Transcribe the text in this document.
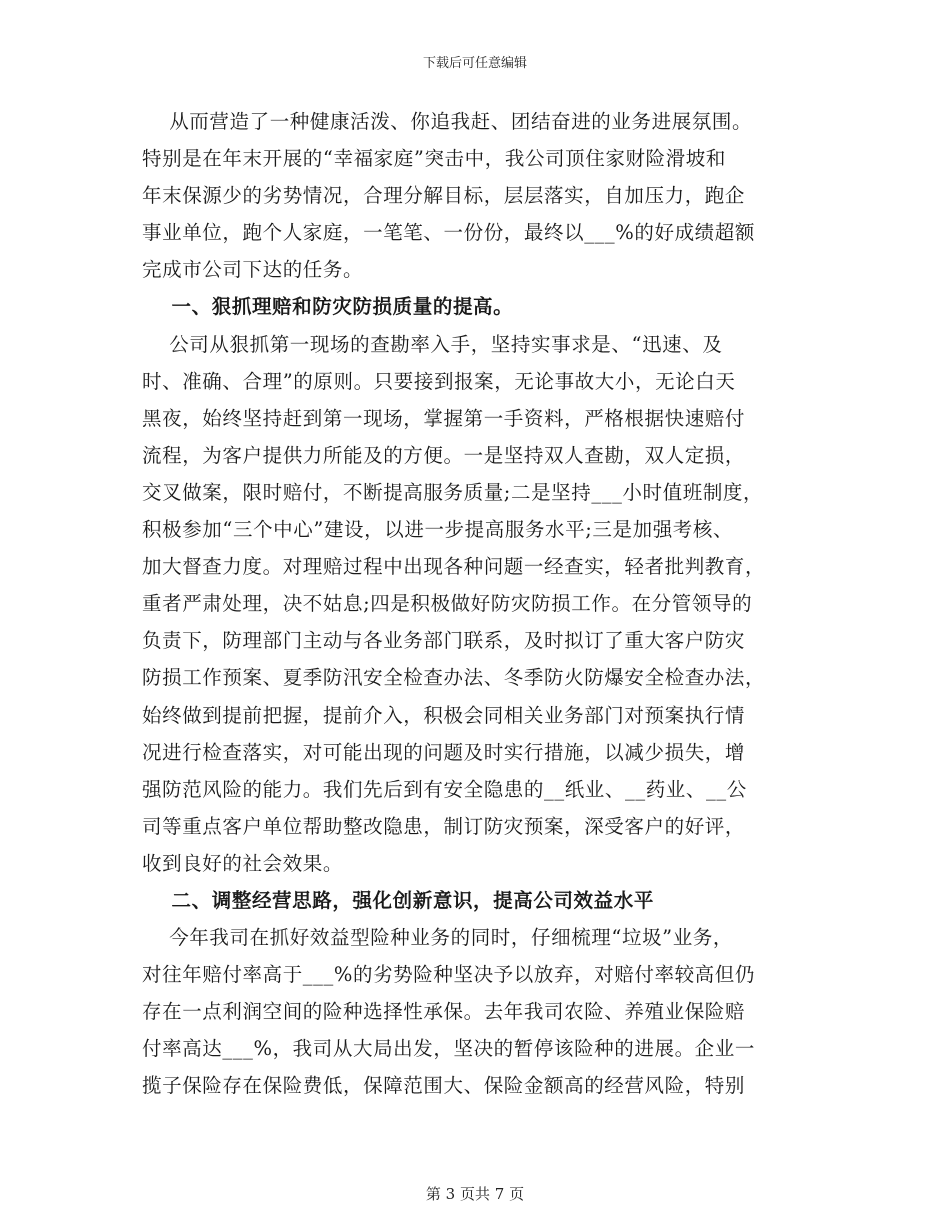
下载后可任意编辑
从而营造了一种健康活泼、你追我赶、团结奋进的业务进展氛围。
特别是在年末开展的“幸福家庭”突击中，我公司顶住家财险滑坡和
年末保源少的劣势情况，合理分解目标，层层落实，自加压力，跑企
事业单位，跑个人家庭，一笔笔、一份份，最终以___%的好成绩超额
完成市公司下达的任务。
一、狠抓理赔和防灾防损质量的提高。
公司从狠抓第一现场的查勘率入手，坚持实事求是、“迅速、及
时、准确、合理”的原则。只要接到报案，无论事故大小，无论白天
黑夜，始终坚持赶到第一现场，掌握第一手资料，严格根据快速赔付
流程，为客户提供力所能及的方便。一是坚持双人查勘，双人定损，
交叉做案，限时赔付，不断提高服务质量;二是坚持___小时值班制度，
积极参加“三个中心”建设，以进一步提高服务水平;三是加强考核、
加大督查力度。对理赔过程中出现各种问题一经查实，轻者批判教育，
重者严肃处理，决不姑息;四是积极做好防灾防损工作。在分管领导的
负责下，防理部门主动与各业务部门联系，及时拟订了重大客户防灾
防损工作预案、夏季防汛安全检查办法、冬季防火防爆安全检查办法，
始终做到提前把握，提前介入，积极会同相关业务部门对预案执行情
况进行检查落实，对可能出现的问题及时实行措施，以减少损失，增
强防范风险的能力。我们先后到有安全隐患的__纸业、__药业、__公
司等重点客户单位帮助整改隐患，制订防灾预案，深受客户的好评，
收到良好的社会效果。
二、调整经营思路，强化创新意识，提高公司效益水平
今年我司在抓好效益型险种业务的同时，仔细梳理“垃圾”业务，
对往年赔付率高于___%的劣势险种坚决予以放弃，对赔付率较高但仍
存在一点利润空间的险种选择性承保。去年我司农险、养殖业保险赔
付率高达___%，我司从大局出发，坚决的暂停该险种的进展。企业一
揽子保险存在保险费低，保障范围大、保险金额高的经营风险，特别
第 3 页共 7 页
